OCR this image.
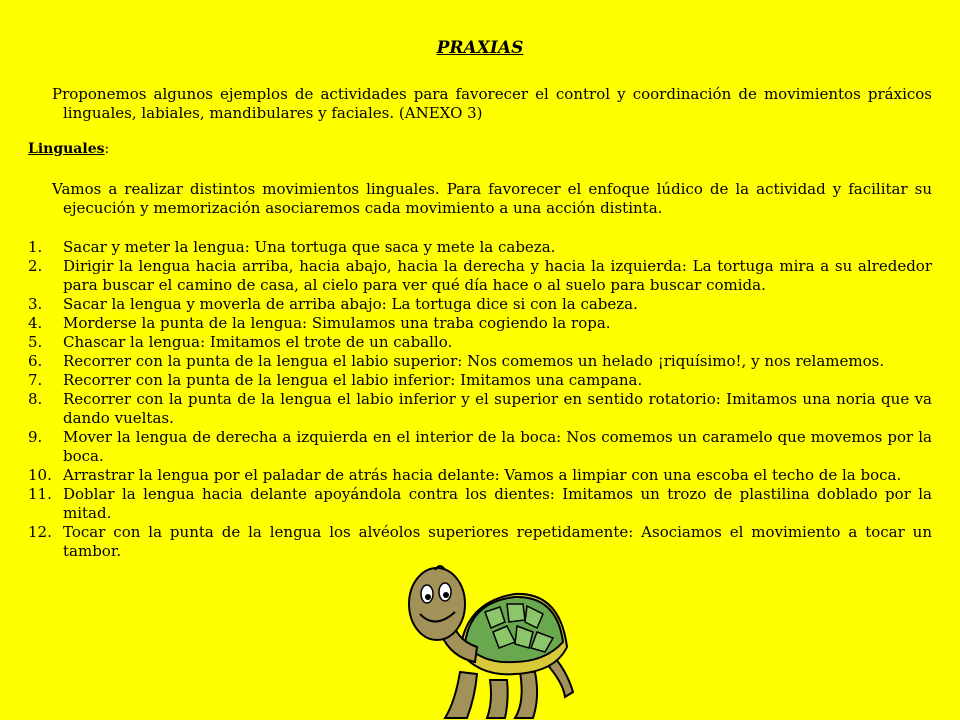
PRAXIAS
Proponemos algunos ejemplos de actividades para favorecer el control y coordinación de movimientos práxicos linguales, labiales, mandibulares y faciales. (ANEXO 3)
Linguales:
Vamos a realizar distintos movimientos linguales. Para favorecer el enfoque lúdico de la actividad y facilitar su ejecución y memorización asociaremos cada movimiento a una acción distinta.
1.	Sacar y meter la lengua: Una tortuga que saca y mete la cabeza.
2.	Dirigir la lengua hacia arriba, hacia abajo, hacia la derecha y hacia la izquierda: La tortuga mira a su alrededor para buscar el camino de casa, al cielo para ver qué día hace o al suelo para buscar comida.
3.	Sacar la lengua y moverla de arriba abajo: La tortuga dice si con la cabeza.
4.	Morderse la punta de la lengua: Simulamos una traba cogiendo la ropa.
5.	Chascar la lengua: Imitamos el trote de un caballo.
6.	Recorrer con la punta de la lengua el labio superior: Nos comemos un helado ¡riquísimo!, y nos relamemos.
7.	Recorrer con la punta de la lengua el labio inferior: Imitamos una campana.
8.	Recorrer con la punta de la lengua el labio inferior y el superior en sentido rotatorio: Imitamos una noria que va dando vueltas.
9.	Mover la lengua de derecha a izquierda en el interior de la boca: Nos comemos un caramelo que movemos por la boca.
10. Arrastrar la lengua por el paladar de atrás hacia delante: Vamos a limpiar con una escoba el techo de la boca.
11. Doblar la lengua hacia delante apoyándola contra los dientes: Imitamos un trozo de plastilina doblado por la mitad.
12. Tocar con la punta de la lengua los alvéolos superiores repetidamente: Asociamos el movimiento a tocar un tambor.
